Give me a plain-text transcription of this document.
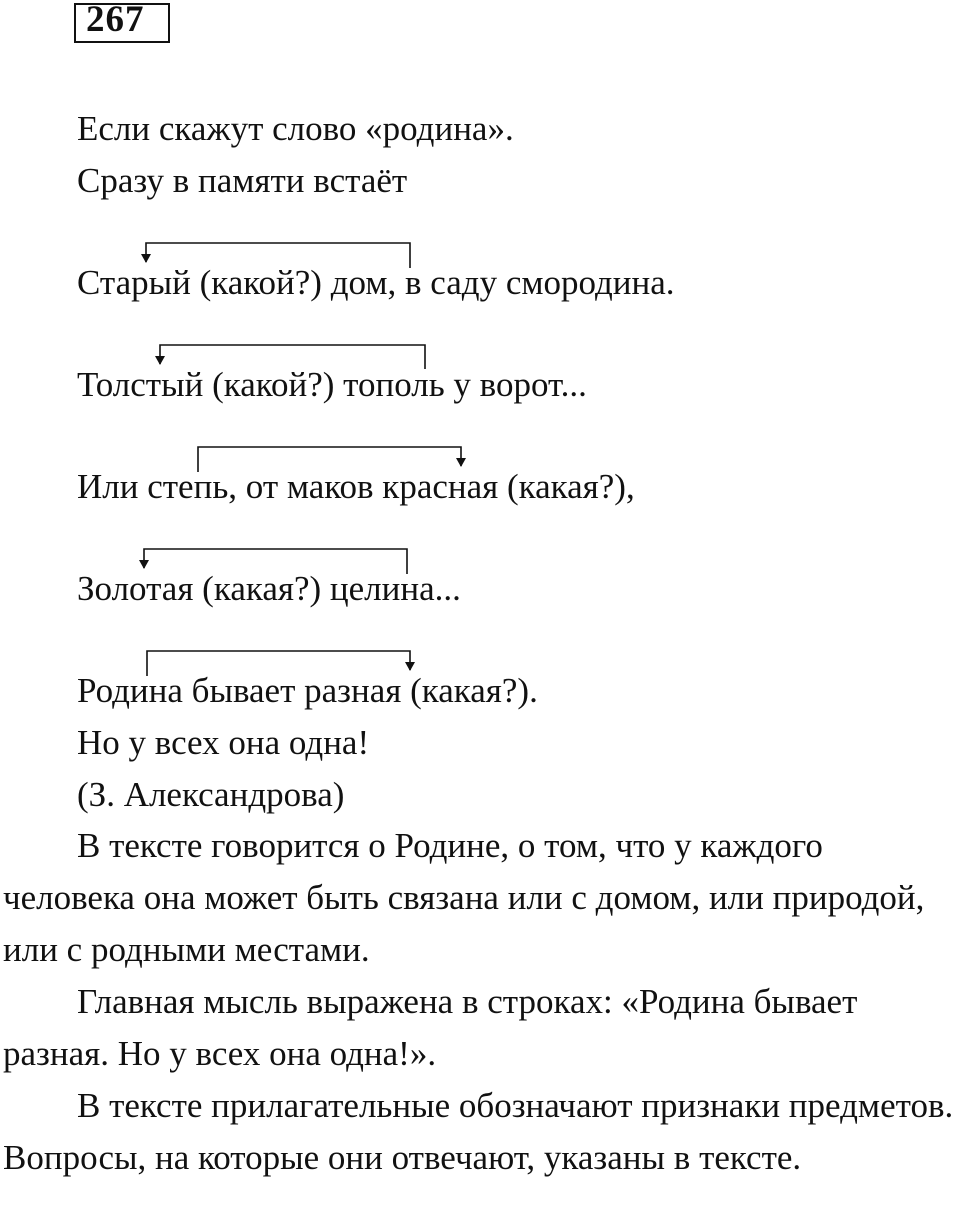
267
Если скажут слово «родина».
Сразу в памяти встаёт
Старый (какой?) дом, в саду смородина.
Толстый (какой?) тополь у ворот...
Или степь, от маков красная (какая?),
Золотая (какая?) целина...
Родина бывает разная (какая?).
Но у всех она одна!
(З. Александрова)

В тексте говорится о Родине, о том, что у каждого человека она может быть связана или с домом, или природой, или с родными местами.

Главная мысль выражена в строках: «Родина бывает разная. Но у всех она одна!».

В тексте прилагательные обозначают признаки предметов. Вопросы, на которые они отвечают, указаны в тексте.
